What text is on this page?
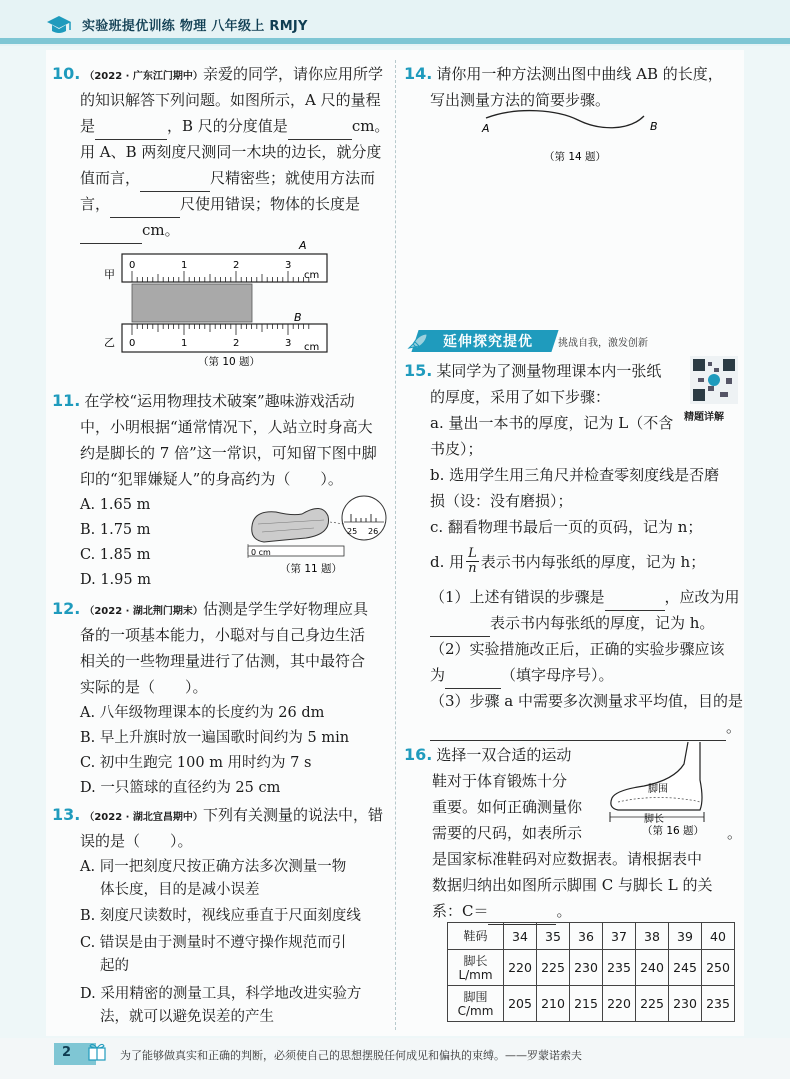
实验班提优训练 物理 八年级上 RMJY
10. （2022 · 广东江门期中）亲爱的同学，请你应用所学
的知识解答下列问题。如图所示，A 尺的量程
是	，B 尺的分度值是	cm。
用 A、B 两刻度尺测同一木块的边长，就分度
值而言，	尺精密些；就使用方法而
言，	尺使用错误；物体的长度是
cm。
A
0	1	2	3
甲	cm
B
0	1	2	3
乙	cm
（第 10 题）
11. 在学校“运用物理技术破案”趣味游戏活动
中，小明根据“通常情况下，人站立时身高大
约是脚长的 7 倍”这一常识，可知留下图中脚
印的“犯罪嫌疑人”的身高约为（　　）。
A. 1.65 m
B. 1.75 m
C. 1.85 m
D. 1.95 m
25 26
0 cm
（第 11 题）
12. （2022 · 湖北荆门期末）估测是学生学好物理应具
备的一项基本能力，小聪对与自己身边生活
相关的一些物理量进行了估测，其中最符合
实际的是（　　）。
A. 八年级物理课本的长度约为 26 dm
B. 早上升旗时放一遍国歌时间约为 5 min
C. 初中生跑完 100 m 用时约为 7 s
D. 一只篮球的直径约为 25 cm
13. （2022 · 湖北宜昌期中）下列有关测量的说法中，错
误的是（　　）。
A. 同一把刻度尺按正确方法多次测量一物
体长度，目的是减小误差
B. 刻度尺读数时，视线应垂直于尺面刻度线
C. 错误是由于测量时不遵守操作规范而引
起的
D. 采用精密的测量工具，科学地改进实验方
法，就可以避免误差的产生
14. 请你用一种方法测出图中曲线 AB 的长度，
写出测量方法的简要步骤。
A	B
（第 14 题）
延伸探究提优	挑战自我，激发创新
精题详解
15. 某同学为了测量物理课本内一张纸
的厚度，采用了如下步骤：
a. 量出一本书的厚度，记为 L（不含
书皮）；
b. 选用学生用三角尺并检查零刻度线是否磨
损（设：没有磨损）；
c. 翻看物理书最后一页的页码，记为 n；
d. 用 L
n 表示书内每张纸的厚度，记为 h；
（1）上述有错误的步骤是	，应改为用
表示书内每张纸的厚度，记为 h。
（2）实验措施改正后，正确的实验步骤应该
为	（填字母序号）。
（3）步骤 a 中需要多次测量求平均值，目的是
。
16. 选择一双合适的运动
鞋对于体育锻炼十分
重要。如何正确测量你
需要的尺码，如表所示	。
是国家标准鞋码对应数据表。请根据表中
数据归纳出如图所示脚围 C 与脚长 L 的关
系：C＝	。
脚围
脚长
（第 16 题）
鞋码	34	35	36	37	38	39	40
脚长 L/mm	220	225	230	235	240	245	250
脚围 C/mm	205	210	215	220	225	230	235
2	为了能够做真实和正确的判断，必须使自己的思想摆脱任何成见和偏执的束缚。——罗蒙诺索夫
